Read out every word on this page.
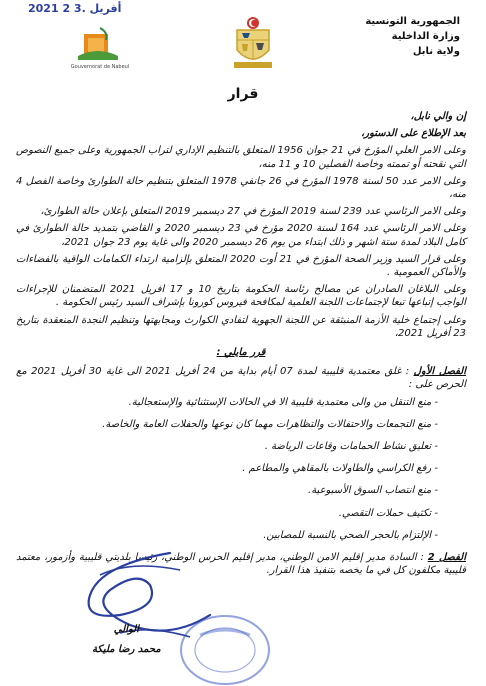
2021 2 3. أفريل
Gouvernorat de Nabeul
الجمهورية التونسية
وزارة الداخلية
ولاية نابل
قرار

إن والي نابل،

بعد الإطلاع على الدستور،

وعلى الامر العلي المؤرخ في 21 جوان 1956 المتعلق بالتنظيم الإداري لتراب الجمهورية وعلى جميع النصوص التي نقحته أو تممته وخاصة الفصلين 10 و 11 منه،

وعلى الامر عدد 50 لسنة 1978 المؤرخ في 26 جانفي 1978 المتعلق بتنظيم حالة الطوارئ وخاصة الفصل 4 منه،

وعلى الامر الرئاسي عدد 239 لسنة 2019 المؤرخ في 27 ديسمبر 2019 المتعلق بإعلان حالة الطوارئ،

وعلى الامر الرئاسي عدد 164 لسنة 2020 مؤرخ في 23 ديسمبر 2020 و القاضي بتمديد حالة الطوارئ في كامل البلاد لمدة ستة اشهر و ذلك ابتداء من يوم 26 ديسمبر 2020 والى غاية يوم 23 جوان 2021،

وعلى قرار السيد وزير الصحة المؤرخ في 21 أوت 2020 المتعلق بإلزامية ارتداء الكمامات الواقية بالفضاءات والأماكن العمومية .

وعلى البلاغان الصادران عن مصالح رئاسة الحكومة بتاريخ 10 و 17 افريل 2021 المتضمنان للإجراءات الواجب إتباعها تبعا لإجتماعات اللجنة العلمية لمكافحة فيروس كورونا بإشراف السيد رئيس الحكومة .

وعلى إجتماع خلية الأزمة المنبثقة عن اللجنة الجهوية لتفادي الكوارث ومجابهتها وتنظيم النجدة المنعقدة بتاريخ 23 أفريل 2021،

قرر مايلي :

الفصل الأول : غلق معتمدية قليبية لمدة 07 أيام بداية من 24 أفريل 2021 الى غاية 30 أفريل 2021 مع الحرص على :

- منع التنقل من والى معتمدية قليبية الا في الحالات الإستثنائية والإستعجالية.
- منع التجمعات والاحتفالات والتظاهرات مهما كان نوعها والحفلات العامة والخاصة.
- تعليق نشاط الحمامات وقاعات الرياضة .
- رفع الكراسي والطاولات بالمقاهي والمطاعم .
- منع انتصاب السوق الأسبوعية.
- تكثيف حملات التقصي.
- الإلتزام بالحجر الصحي بالنسبة للمصابين.

الفصل 2 : السادة مدير إقليم الامن الوطني، مدير إقليم الحرس الوطني، رئيسا بلديتي قليبية وأزمور، معتمد قليبية مكلفون كل في ما يخصه بتنفيذ هذا القرار.

الوالي
محمد رضا مليكة
